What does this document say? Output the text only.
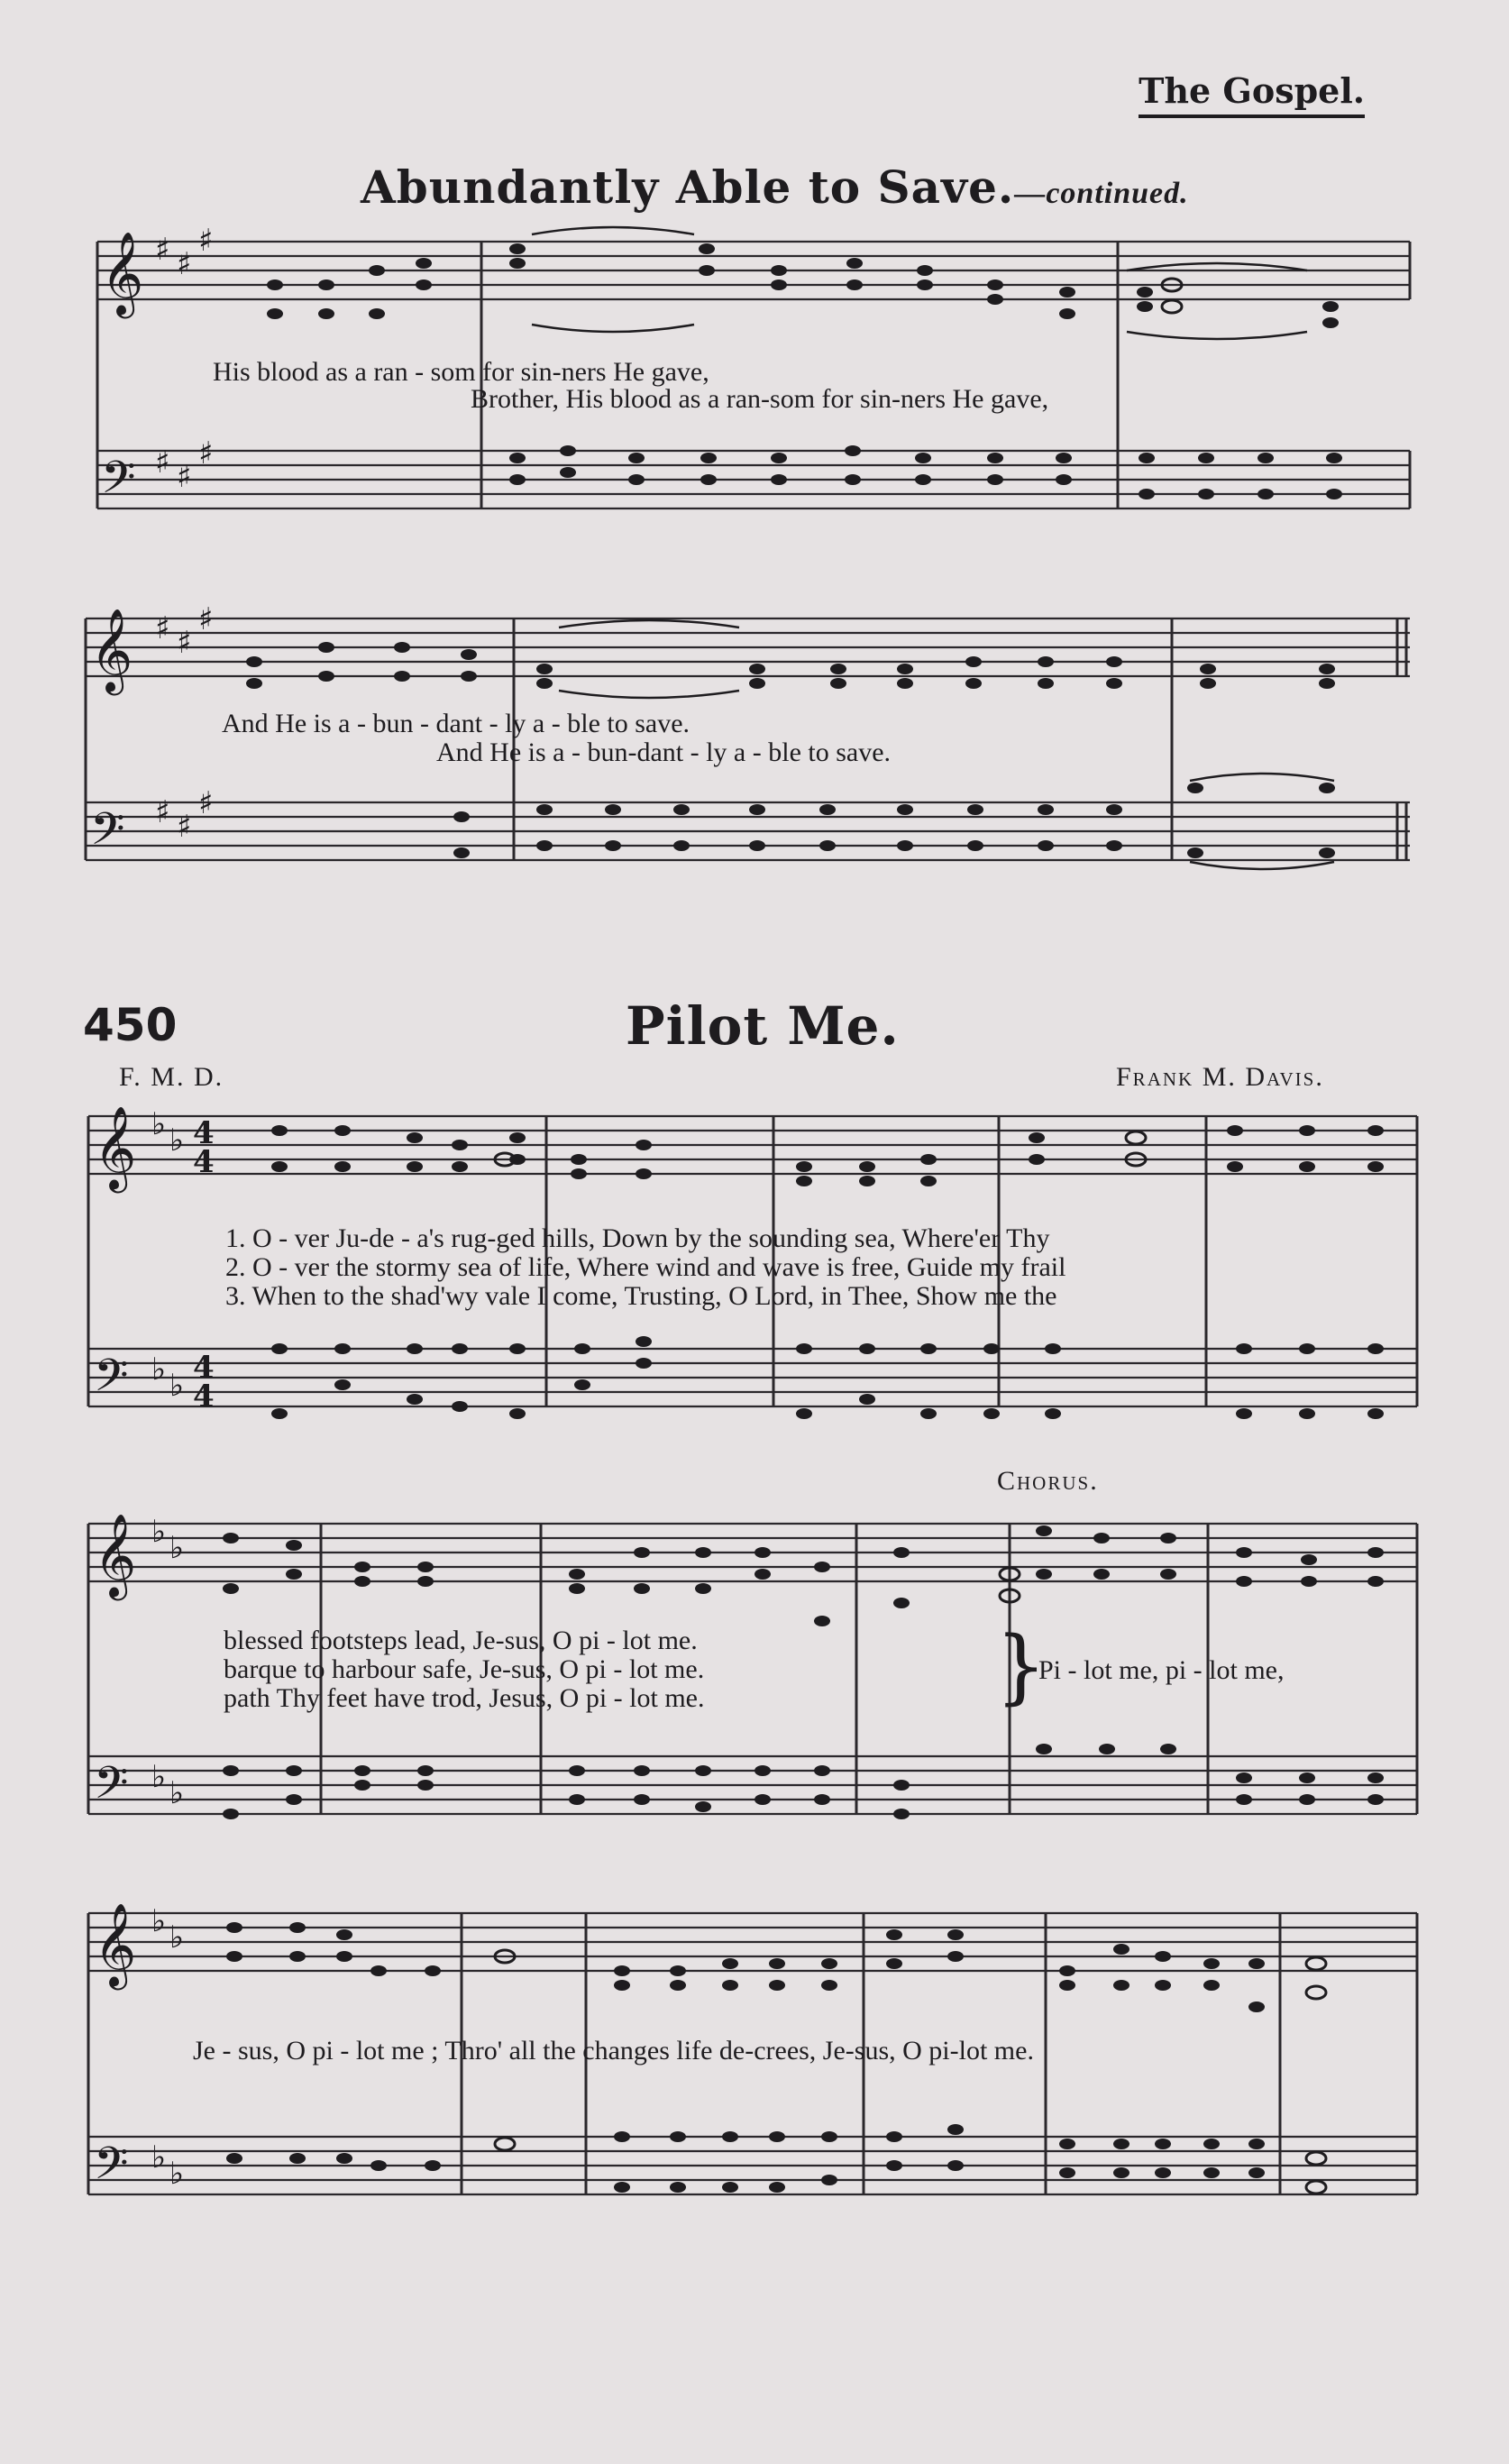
The Gospel.
Abundantly Able to Save.—continued.
𝄞
𝄢
𝄞
𝄢
𝄞
𝄢
𝄞
𝄢
𝄞
𝄢
♯ ♯
♯
♯ ♯
♯
♯ ♯
♯
♯ ♯
♯
♭ ♭
♭ ♭
♭ ♭
♭ ♭
♭ ♭
♭ ♭
4
4
4
4
His blood as a ran - som for sin-ners He gave,
Brother, His blood as a ran-som for sin-ners He gave,
And He is a - bun - dant - ly a - ble to save.
And He is a - bun-dant - ly a - ble to save.
450	Pilot Me.
F. M. D.	Frank M. Davis.
1. O - ver Ju-de - a's rug-ged hills, Down by the sounding sea, Where'er Thy
2. O - ver the stormy sea of life, Where wind and wave is free, Guide my frail
3. When to the shad'wy vale I come, Trusting, O Lord, in Thee, Show me the
Chorus.
blessed footsteps lead, Je-sus, O pi - lot me.
barque to harbour safe, Je-sus, O pi - lot me.
path Thy feet have trod, Jesus, O pi - lot me.	}
Pi - lot me, pi - lot me,
Je - sus, O pi - lot me ; Thro' all the changes life de-crees, Je-sus, O pi-lot me.
